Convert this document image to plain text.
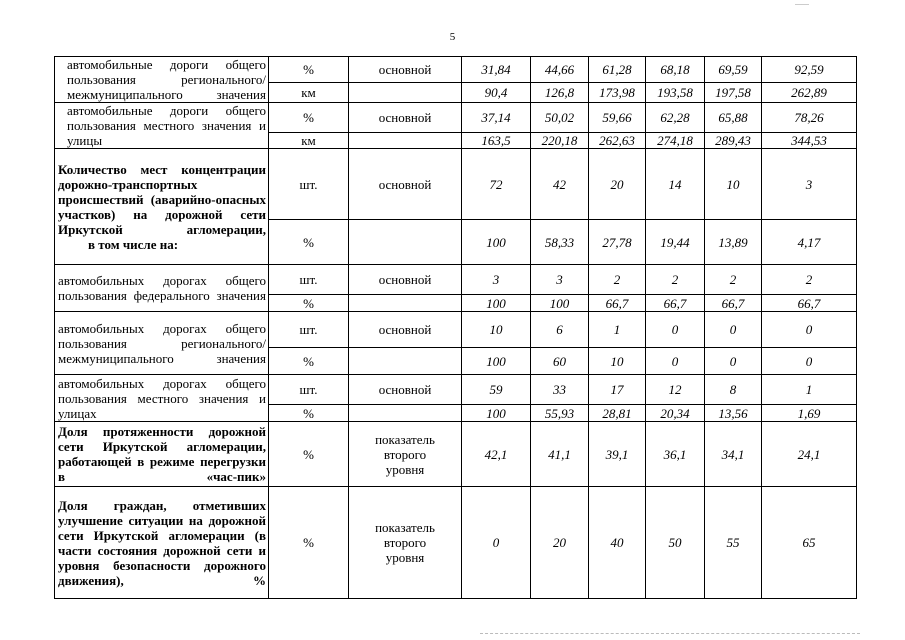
5
автомобильные дороги общего пользования регионального/ межмуниципального значения	%	основной	31,84	44,66	61,28	68,18	69,59	92,59
	км		90,4	126,8	173,98	193,58	197,58	262,89
автомобильные дороги общего пользования местного значения и улицы	%	основной	37,14	50,02	59,66	62,28	65,88	78,26
	км		163,5	220,18	262,63	274,18	289,43	344,53
Количество мест концентрации дорожно-транспортных происшествий (аварийно-опасных участков) на дорожной сети Иркутской агломерации,
в том числе на:	шт.	основной	72	42	20	14	10	3
	%		100	58,33	27,78	19,44	13,89	4,17
автомобильных дорогах общего пользования федерального значения	шт.	основной	3	3	2	2	2	2
	%		100	100	66,7	66,7	66,7	66,7
автомобильных дорогах общего пользования регионального/ межмуниципального значения	шт.	основной	10	6	1	0	0	0
	%		100	60	10	0	0	0
автомобильных дорогах общего пользования местного значения и улицах	шт.	основной	59	33	17	12	8	1
	%		100	55,93	28,81	20,34	13,56	1,69
Доля протяженности дорожной сети Иркутской агломерации, работающей в режиме перегрузки в «час-пик»	%	показатель второго уровня	42,1	41,1	39,1	36,1	34,1	24,1
Доля граждан, отметивших улучшение ситуации на дорожной сети Иркутской агломерации (в части состояния дорожной сети и уровня безопасности дорожного движения), %	%	показатель второго уровня	0	20	40	50	55	65
